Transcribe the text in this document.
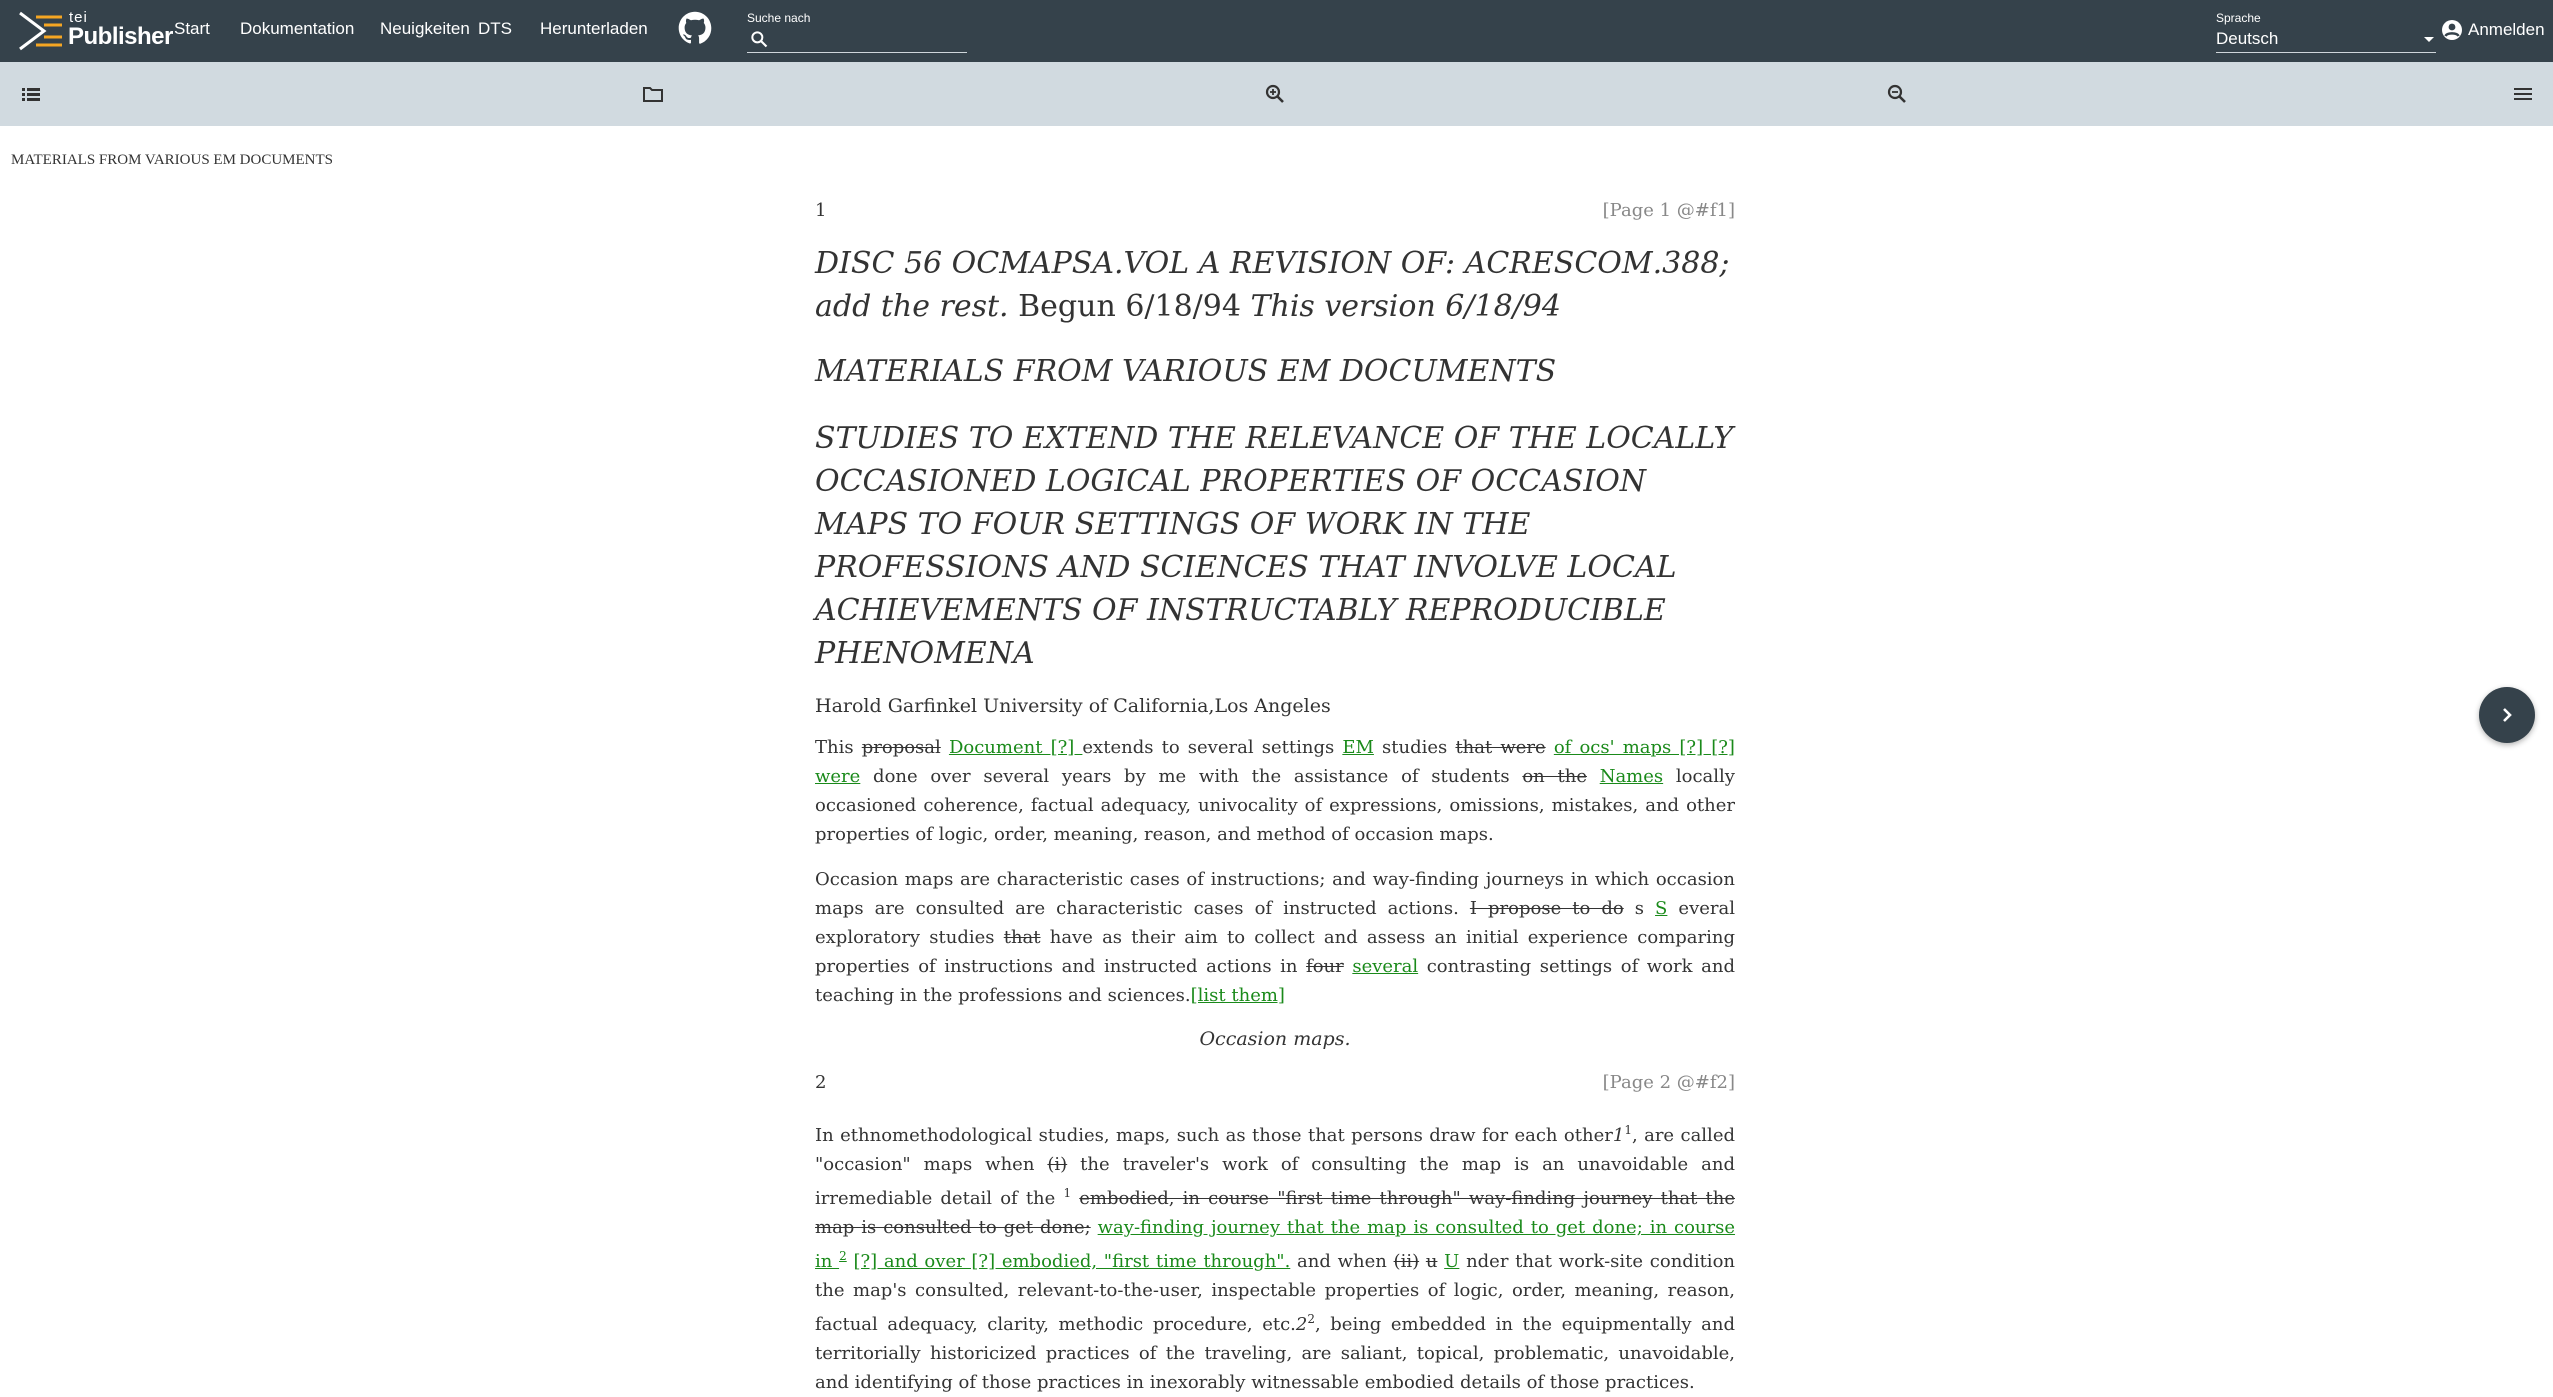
tei
Publisher Start Dokumentation Neuigkeiten DTS Herunterladen
Suche nach	Sprache
Deutsch	Anmelden
MATERIALS FROM VARIOUS EM DOCUMENTS
1	[Page 1 @#f1]
DISC 56 OCMAPSA.VOL A REVISION OF: ACRESCOM.388; add the rest. Begun 6/18/94 This version 6/18/94
MATERIALS FROM VARIOUS EM DOCUMENTS
STUDIES TO EXTEND THE RELEVANCE OF THE LOCALLY OCCASIONED LOGICAL PROPERTIES OF OCCASION MAPS TO FOUR SETTINGS OF WORK IN THE PROFESSIONS AND SCIENCES THAT INVOLVE LOCAL ACHIEVEMENTS OF INSTRUCTABLY REPRODUCIBLE PHENOMENA
Harold Garfinkel University of California,Los Angeles

This proposal Document [?] extends to several settings EM studies that were of ocs' maps [?] [?] were done over several years by me with the assistance of students on the Names locally occasioned coherence, factual adequacy, univocality of expressions, omissions, mistakes, and other properties of logic, order, meaning, reason, and method of occasion maps.

Occasion maps are characteristic cases of instructions; and way-finding journeys in which occasion maps are consulted are characteristic cases of instructed actions. I propose to do s S everal exploratory studies that have as their aim to collect and assess an initial experience comparing properties of instructions and instructed actions in four several contrasting settings of work and teaching in the professions and sciences.[list them]

Occasion maps.
2	[Page 2 @#f2]

In ethnomethodological studies, maps, such as those that persons draw for each $other1^1$, are called "occasion" maps when (i) the traveler's work of consulting the map is an unavoidable and irremediable detail of the $^1$ embodied, in course "first time through" way-finding journey that the map is consulted to get done; way-finding journey that the map is consulted to get done; in course in $^2$ [?] and over [?] embodied, "first time through". and when (ii) u U nder that work-site condition the map's consulted, relevant-to-the-user, inspectable properties of logic, order, meaning, reason, factual adequacy, clarity, methodic procedure, $etc.2^2$, being embedded in the equipmentally and territorially historicized practices of the traveling, are saliant, topical, problematic, unavoidable, and identifying of those practices in inexorably witnessable embodied details of those practices.
